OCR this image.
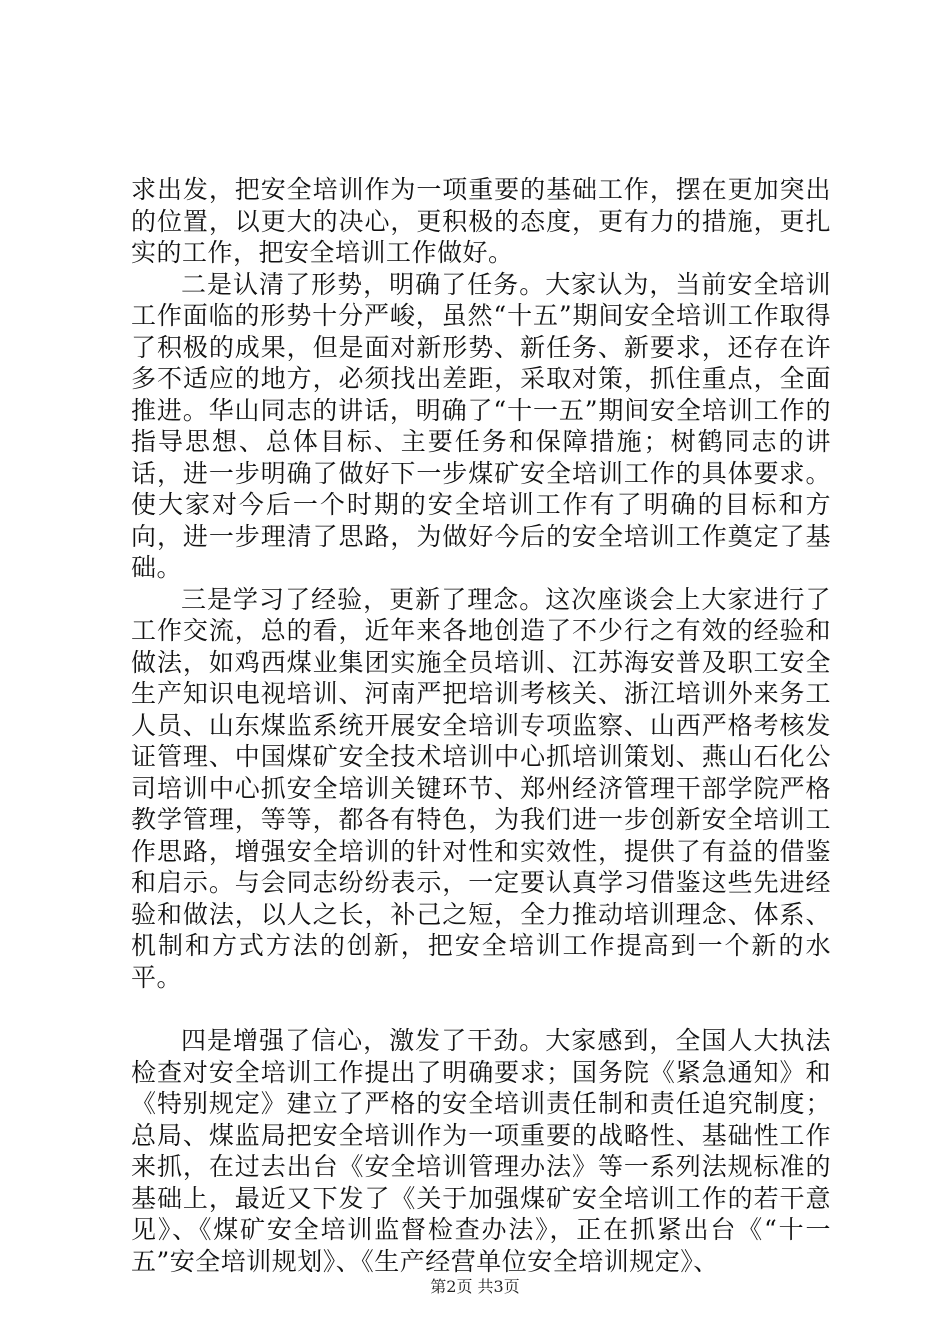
求出发，把安全培训作为一项重要的基础工作，摆在更加突出的位置，以更大的决心，更积极的态度，更有力的措施，更扎实的工作，把安全培训工作做好。

二是认清了形势，明确了任务。大家认为，当前安全培训工作面临的形势十分严峻，虽然“十五”期间安全培训工作取得了积极的成果，但是面对新形势、新任务、新要求，还存在许多不适应的地方，必须找出差距，采取对策，抓住重点，全面推进。华山同志的讲话，明确了“十一五”期间安全培训工作的指导思想、总体目标、主要任务和保障措施；树鹤同志的讲话，进一步明确了做好下一步煤矿安全培训工作的具体要求。使大家对今后一个时期的安全培训工作有了明确的目标和方向，进一步理清了思路，为做好今后的安全培训工作奠定了基础。

三是学习了经验，更新了理念。这次座谈会上大家进行了工作交流，总的看，近年来各地创造了不少行之有效的经验和做法，如鸡西煤业集团实施全员培训、江苏海安普及职工安全生产知识电视培训、河南严把培训考核关、浙江培训外来务工人员、山东煤监系统开展安全培训专项监察、山西严格考核发证管理、中国煤矿安全技术培训中心抓培训策划、燕山石化公司培训中心抓安全培训关键环节、郑州经济管理干部学院严格教学管理，等等，都各有特色，为我们进一步创新安全培训工作思路，增强安全培训的针对性和实效性，提供了有益的借鉴和启示。与会同志纷纷表示，一定要认真学习借鉴这些先进经验和做法，以人之长，补己之短，全力推动培训理念、体系、机制和方式方法的创新，把安全培训工作提高到一个新的水平。

四是增强了信心，激发了干劲。大家感到，全国人大执法检查对安全培训工作提出了明确要求；国务院《紧急通知》和《特别规定》建立了严格的安全培训责任制和责任追究制度；总局、煤监局把安全培训作为一项重要的战略性、基础性工作来抓，在过去出台《安全培训管理办法》等一系列法规标准的基础上，最近又下发了《关于加强煤矿安全培训工作的若干意见》、《煤矿安全培训监督检查办法》，正在抓紧出台《“十一五”安全培训规划》、《生产经营单位安全培训规定》、

第2页 共3页
